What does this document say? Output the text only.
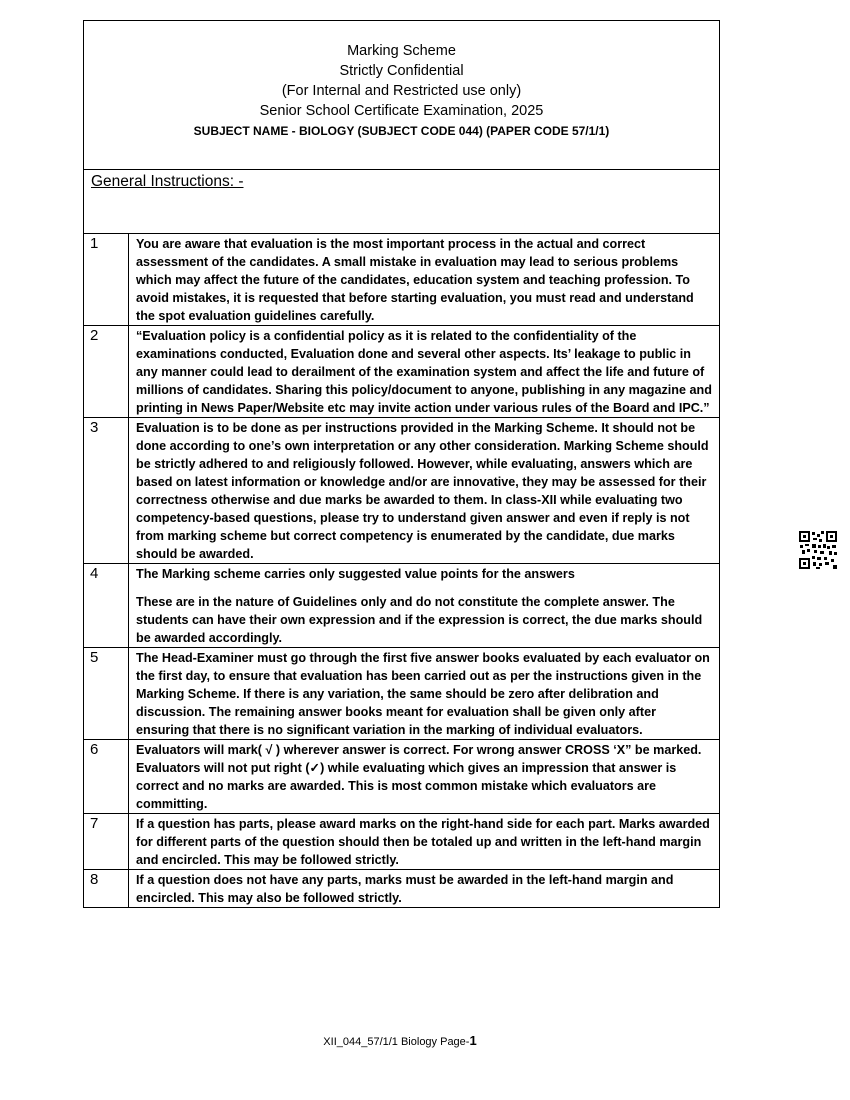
Marking Scheme
Strictly Confidential
(For Internal and Restricted use only)
Senior School Certificate Examination, 2025
SUBJECT NAME - BIOLOGY (SUBJECT CODE 044) (PAPER CODE 57/1/1)
General Instructions: -
1	You are aware that evaluation is the most important process in the actual and correct assessment of the candidates. A small mistake in evaluation may lead to serious problems which may affect the future of the candidates, education system and teaching profession. To avoid mistakes, it is requested that before starting evaluation, you must read and understand the spot evaluation guidelines carefully.

2	“Evaluation policy is a confidential policy as it is related to the confidentiality of the examinations conducted, Evaluation done and several other aspects. Its’ leakage to public in any manner could lead to derailment of the examination system and affect the life and future of millions of candidates. Sharing this policy/document to anyone, publishing in any magazine and printing in News Paper/Website etc may invite action under various rules of the Board and IPC.”

3	Evaluation is to be done as per instructions provided in the Marking Scheme. It should not be done according to one’s own interpretation or any other consideration. Marking Scheme should be strictly adhered to and religiously followed. However, while evaluating, answers which are based on latest information or knowledge and/or are innovative, they may be assessed for their correctness otherwise and due marks be awarded to them. In class-XII while evaluating two competency-based questions, please try to understand given answer and even if reply is not from marking scheme but correct competency is enumerated by the candidate, due marks should be awarded.

4	The Marking scheme carries only suggested value points for the answers

These are in the nature of Guidelines only and do not constitute the complete answer. The students can have their own expression and if the expression is correct, the due marks should be awarded accordingly.

5	The Head-Examiner must go through the first five answer books evaluated by each evaluator on the first day, to ensure that evaluation has been carried out as per the instructions given in the Marking Scheme. If there is any variation, the same should be zero after delibration and discussion. The remaining answer books meant for evaluation shall be given only after ensuring that there is no significant variation in the marking of individual evaluators.

6	Evaluators will mark( √ ) wherever answer is correct. For wrong answer CROSS ‘X” be marked. Evaluators will not put right (✓) while evaluating which gives an impression that answer is correct and no marks are awarded. This is most common mistake which evaluators are committing.

7	If a question has parts, please award marks on the right-hand side for each part. Marks awarded for different parts of the question should then be totaled up and written in the left-hand margin and encircled. This may be followed strictly.

8	If a question does not have any parts, marks must be awarded in the left-hand margin and encircled. This may also be followed strictly.

XII_044_57/1/1 Biology Page-1
